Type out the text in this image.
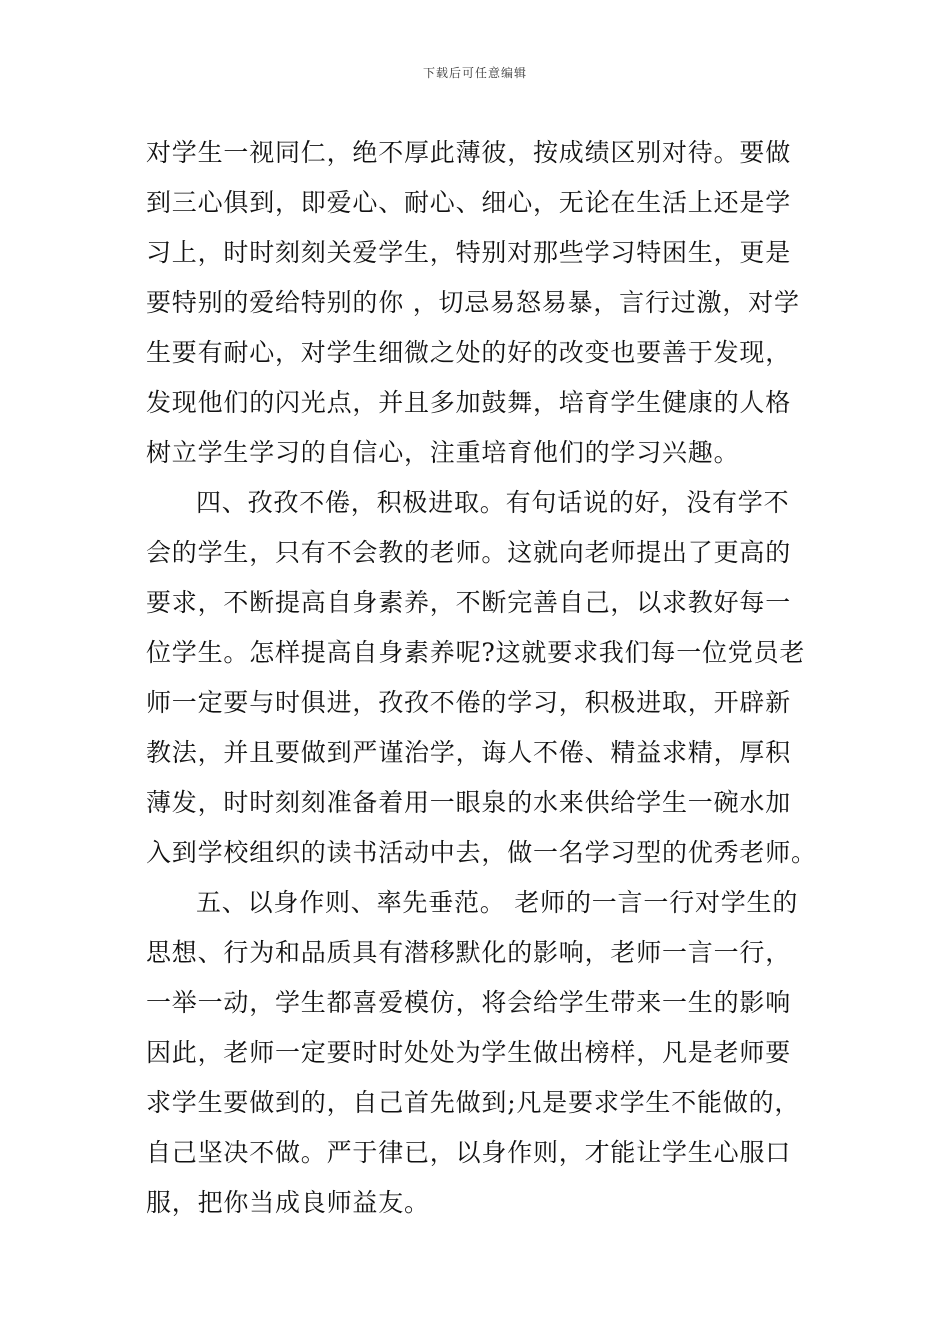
下载后可任意编辑
对学生一视同仁，绝不厚此薄彼，按成绩区别对待。要做
到三心俱到，即爱心、耐心、细心，无论在生活上还是学
习上，时时刻刻关爱学生，特别对那些学习特困生，更是
要特别的爱给特别的你 ，切忌易怒易暴，言行过激，对学
生要有耐心，对学生细微之处的好的改变也要善于发现，
发现他们的闪光点，并且多加鼓舞，培育学生健康的人格
树立学生学习的自信心，注重培育他们的学习兴趣。
四、孜孜不倦，积极进取。有句话说的好，没有学不
会的学生，只有不会教的老师。这就向老师提出了更高的
要求，不断提高自身素养，不断完善自己，以求教好每一
位学生。怎样提高自身素养呢?这就要求我们每一位党员老
师一定要与时俱进，孜孜不倦的学习，积极进取，开辟新
教法，并且要做到严谨治学，诲人不倦、精益求精，厚积
薄发，时时刻刻准备着用一眼泉的水来供给学生一碗水加
入到学校组织的读书活动中去，做一名学习型的优秀老师。
五、以身作则、率先垂范。 老师的一言一行对学生的
思想、行为和品质具有潜移默化的影响，老师一言一行，
一举一动，学生都喜爱模仿，将会给学生带来一生的影响
因此，老师一定要时时处处为学生做出榜样，凡是老师要
求学生要做到的，自己首先做到;凡是要求学生不能做的，
自己坚决不做。严于律已，以身作则，才能让学生心服口
服，把你当成良师益友。
